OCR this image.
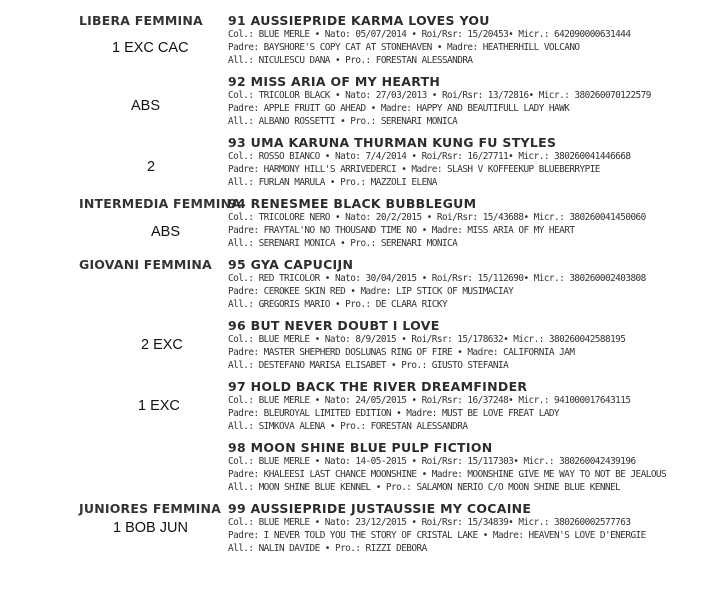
LIBERA FEMMINA
INTERMEDIA FEMMINA
GIOVANI FEMMINA
JUNIORES FEMMINA
1 EXC CAC
ABS
2
ABS
2 EXC
1 EXC
1 BOB JUN
91 AUSSIEPRIDE KARMA LOVES YOU
Col.: BLUE MERLE • Nato: 05/07/2014 • Roi/Rsr: 15/20453• Micr.: 642090000631444
Padre: BAYSHORE'S COPY CAT AT STONEHAVEN • Madre: HEATHERHILL VOLCANO
All.: NICULESCU DANA • Pro.: FORESTAN ALESSANDRA
92 MISS ARIA OF MY HEARTH
Col.: TRICOLOR BLACK • Nato: 27/03/2013 • Roi/Rsr: 13/72816• Micr.: 380260070122579
Padre: APPLE FRUIT GO AHEAD • Madre: HAPPY AND BEAUTIFULL LADY HAWK
All.: ALBANO ROSSETTI • Pro.: SERENARI MONICA
93 UMA KARUNA THURMAN KUNG FU STYLES
Col.: ROSSO BIANCO • Nato: 7/4/2014 • Roi/Rsr: 16/27711• Micr.: 380260041446668
Padre: HARMONY HILL'S ARRIVEDERCI • Madre: SLASH V KOFFEEKUP BLUEBERRYPIE
All.: FURLAN MARULA • Pro.: MAZZOLI ELENA
94 RENESMEE BLACK BUBBLEGUM
Col.: TRICOLORE NERO • Nato: 20/2/2015 • Roi/Rsr: 15/43688• Micr.: 380260041450060
Padre: FRAYTAL'NO NO THOUSAND TIME NO • Madre: MISS ARIA OF MY HEART
All.: SERENARI MONICA • Pro.: SERENARI MONICA
95 GYA CAPUCIJN
Col.: RED TRICOLOR • Nato: 30/04/2015 • Roi/Rsr: 15/112690• Micr.: 380260002403808
Padre: CEROKEE SKIN RED • Madre: LIP STICK OF MUSIMACIAY
All.: GREGORIS MARIO • Pro.: DE CLARA RICKY
96 BUT NEVER DOUBT I LOVE
Col.: BLUE MERLE • Nato: 8/9/2015 • Roi/Rsr: 15/178632• Micr.: 380260042588195
Padre: MASTER SHEPHERD DOSLUNAS RING OF FIRE • Madre: CALIFORNIA JAM
All.: DESTEFANO MARISA ELISABET • Pro.: GIUSTO STEFANIA
97 HOLD BACK THE RIVER DREAMFINDER
Col.: BLUE MERLE • Nato: 24/05/2015 • Roi/Rsr: 16/37248• Micr.: 941000017643115
Padre: BLEUROYAL LIMITED EDITION • Madre: MUST BE LOVE FREAT LADY
All.: SIMKOVA ALENA • Pro.: FORESTAN ALESSANDRA
98 MOON SHINE BLUE PULP FICTION
Col.: BLUE MERLE • Nato: 14-05-2015 • Roi/Rsr: 15/117303• Micr.: 380260042439196
Padre: KHALEESI LAST CHANCE MOONSHINE • Madre: MOONSHINE GIVE ME WAY TO NOT BE JEALOUS
All.: MOON SHINE BLUE KENNEL • Pro.: SALAMON NERIO C/O MOON SHINE BLUE KENNEL
99 AUSSIEPRIDE JUSTAUSSIE MY COCAINE
Col.: BLUE MERLE • Nato: 23/12/2015 • Roi/Rsr: 15/34839• Micr.: 380260002577763
Padre: I NEVER TOLD YOU THE STORY OF CRISTAL LAKE • Madre: HEAVEN'S LOVE D'ENERGIE
All.: NALIN DAVIDE • Pro.: RIZZI DEBORA
